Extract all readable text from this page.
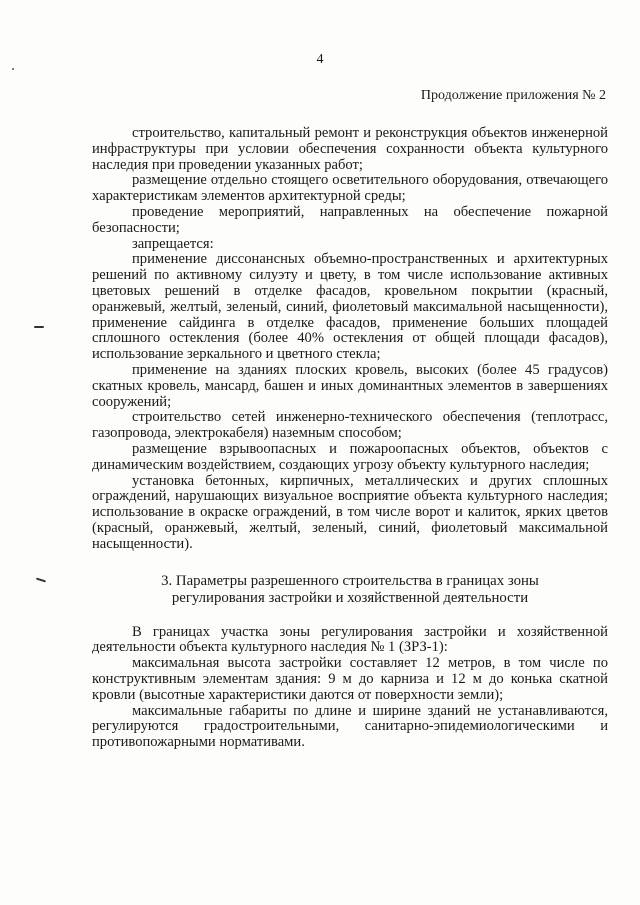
4
Продолжение приложения № 2

строительство, капитальный ремонт и реконструкция объектов инженерной инфраструктуры при условии обеспечения сохранности объекта культурного наследия при проведении указанных работ;

размещение отдельно стоящего осветительного оборудования, отвечающего характеристикам элементов архитектурной среды;

проведение мероприятий, направленных на обеспечение пожарной безопасности;

запрещается:

применение диссонансных объемно-пространственных и архитектурных решений по активному силуэту и цвету, в том числе использование активных цветовых решений в отделке фасадов, кровельном покрытии (красный, оранжевый, желтый, зеленый, синий, фиолетовый максимальной насыщенности), применение сайдинга в отделке фасадов, применение больших площадей сплошного остекления (более 40% остекления от общей площади фасадов), использование зеркального и цветного стекла;

применение на зданиях плоских кровель, высоких (более 45 градусов) скатных кровель, мансард, башен и иных доминантных элементов в завершениях сооружений;

строительство сетей инженерно-технического обеспечения (теплотрасс, газопровода, электрокабеля) наземным способом;

размещение взрывоопасных и пожароопасных объектов, объектов с динамическим воздействием, создающих угрозу объекту культурного наследия;

установка бетонных, кирпичных, металлических и других сплошных ограждений, нарушающих визуальное восприятие объекта культурного наследия; использование в окраске ограждений, в том числе ворот и калиток, ярких цветов (красный, оранжевый, желтый, зеленый, синий, фиолетовый максимальной насыщенности).

3. Параметры разрешенного строительства в границах зоны
регулирования застройки и хозяйственной деятельности

В границах участка зоны регулирования застройки и хозяйственной деятельности объекта культурного наследия № 1 (ЗРЗ-1):

максимальная высота застройки составляет 12 метров, в том числе по конструктивным элементам здания: 9 м до карниза и 12 м до конька скатной кровли (высотные характеристики даются от поверхности земли);

максимальные габариты по длине и ширине зданий не устанавливаются, регулируются градостроительными, санитарно-эпидемиологическими и противопожарными нормативами.
